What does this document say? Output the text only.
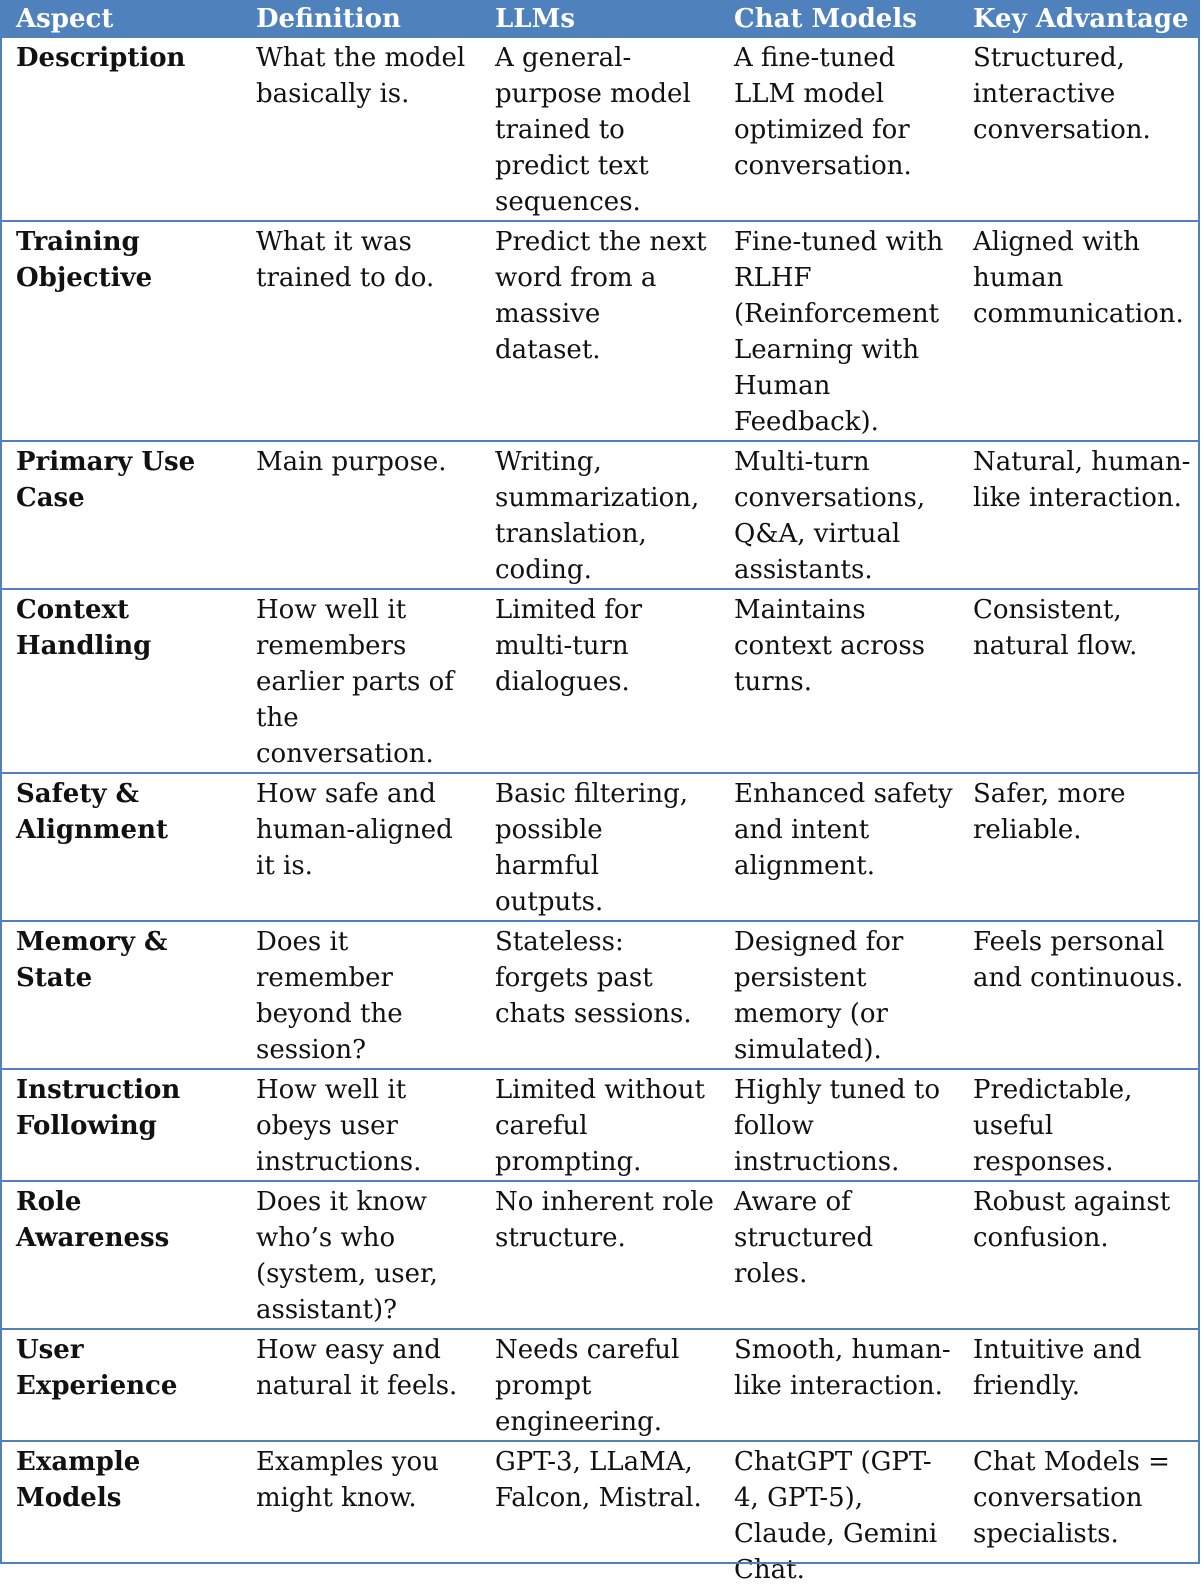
Aspect	Definition	LLMs	Chat Models	Key Advantage
Description	What the model basically is.	A general-purpose model trained to predict text sequences.	A fine-tuned LLM model optimized for conversation.	Structured, interactive conversation.
Training Objective	What it was trained to do.	Predict the next word from a massive dataset.	Fine-tuned with RLHF (Reinforcement Learning with Human Feedback).	Aligned with human communication.
Primary Use Case	Main purpose.	Writing, summarization, translation, coding.	Multi-turn conversations, Q&A, virtual assistants.	Natural, human-like interaction.
Context Handling	How well it remembers earlier parts of the conversation.	Limited for multi-turn dialogues.	Maintains context across turns.	Consistent, natural flow.
Safety & Alignment	How safe and human-aligned it is.	Basic filtering, possible harmful outputs.	Enhanced safety and intent alignment.	Safer, more reliable.
Memory & State	Does it remember beyond the session?	Stateless: forgets past chats sessions.	Designed for persistent memory (or simulated).	Feels personal and continuous.
Instruction Following	How well it obeys user instructions.	Limited without careful prompting.	Highly tuned to follow instructions.	Predictable, useful responses.
Role Awareness	Does it know who’s who (system, user, assistant)?	No inherent role structure.	Aware of structured roles.	Robust against confusion.
User Experience	How easy and natural it feels.	Needs careful prompt engineering.	Smooth, human-like interaction.	Intuitive and friendly.
Example Models	Examples you might know.	GPT-3, LLaMA, Falcon, Mistral.	ChatGPT (GPT-4, GPT-5), Claude, Gemini Chat.	Chat Models = conversation specialists.
